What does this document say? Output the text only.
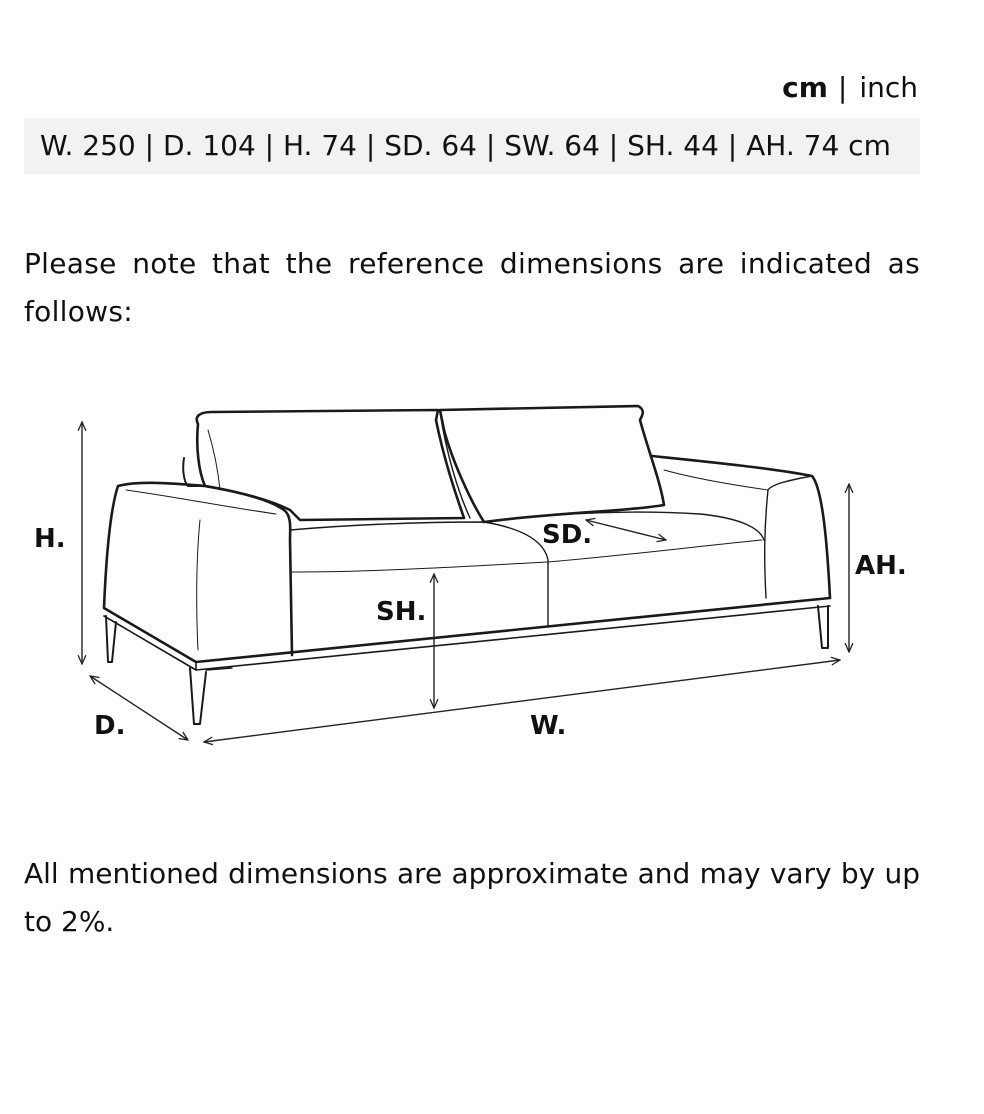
cm | inch
W. 250 | D. 104 | H. 74 | SD. 64 | SW. 64 | SH. 44 | AH. 74 cm

Please note that the reference dimensions are indicated as follows:

H.
D.	W.
SD.
SH.
AH.

All mentioned dimensions are approximate and may vary by up to 2%.
